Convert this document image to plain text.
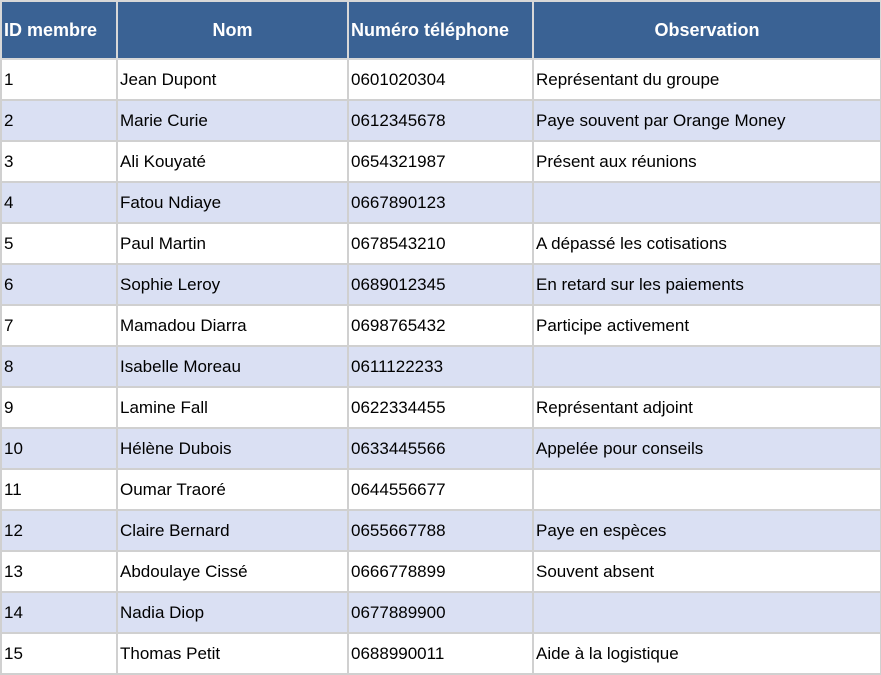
ID membre	Nom	Numéro téléphone	Observation
1	Jean Dupont	0601020304	Représentant du groupe
2	Marie Curie	0612345678	Paye souvent par Orange Money
3	Ali Kouyaté	0654321987	Présent aux réunions
4	Fatou Ndiaye	0667890123	
5	Paul Martin	0678543210	A dépassé les cotisations
6	Sophie Leroy	0689012345	En retard sur les paiements
7	Mamadou Diarra	0698765432	Participe activement
8	Isabelle Moreau	0611122233	
9	Lamine Fall	0622334455	Représentant adjoint
10	Hélène Dubois	0633445566	Appelée pour conseils
11	Oumar Traoré	0644556677	
12	Claire Bernard	0655667788	Paye en espèces
13	Abdoulaye Cissé	0666778899	Souvent absent
14	Nadia Diop	0677889900	
15	Thomas Petit	0688990011	Aide à la logistique
